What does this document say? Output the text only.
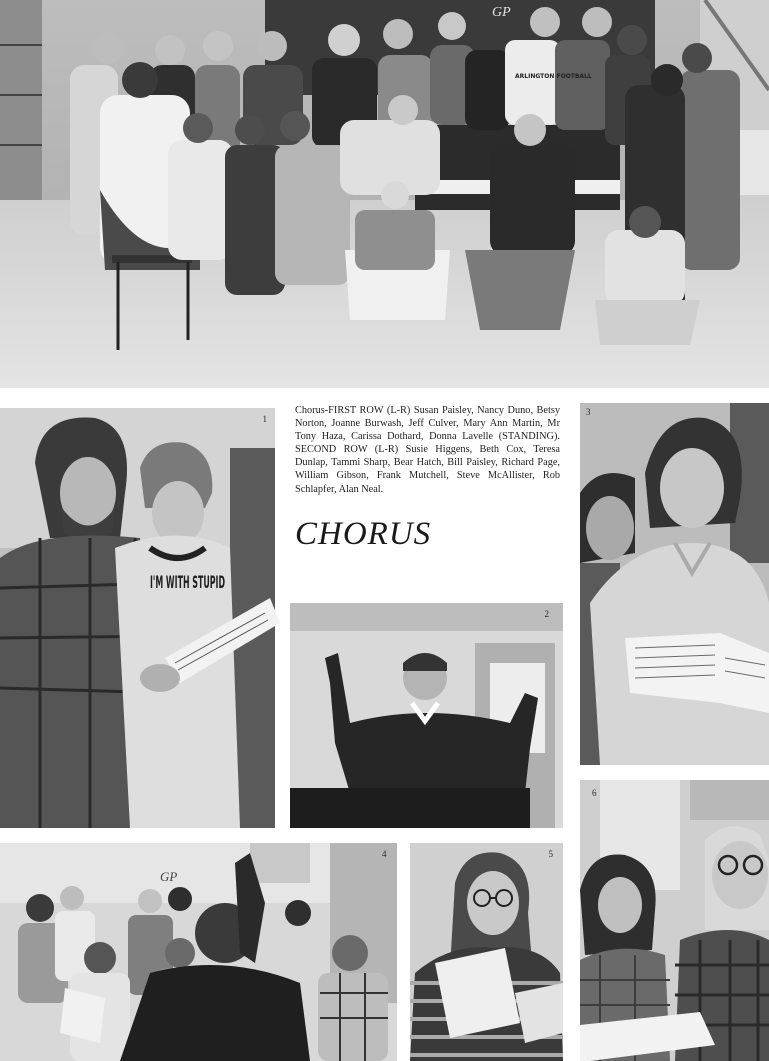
GP
ARLINGTON FOOTBALL
I'M WITH STUPID
1
Chorus-FIRST ROW (L-R) Susan Paisley, Nancy Duno, Betsy Norton, Joanne Burwash, Jeff Culver, Mary Ann Martin, Mr Tony Haza, Carissa Dothard, Donna Lavelle (STANDING). SECOND ROW (L-R) Susie Higgens, Beth Cox, Teresa Dunlap, Tammi Sharp, Bear Hatch, Bill Paisley, Richard Page, William Gibson, Frank Mutchell, Steve McAllister, Rob Schlapfer, Alan Neal.
CHORUS
2
3
GP
4	5
6
